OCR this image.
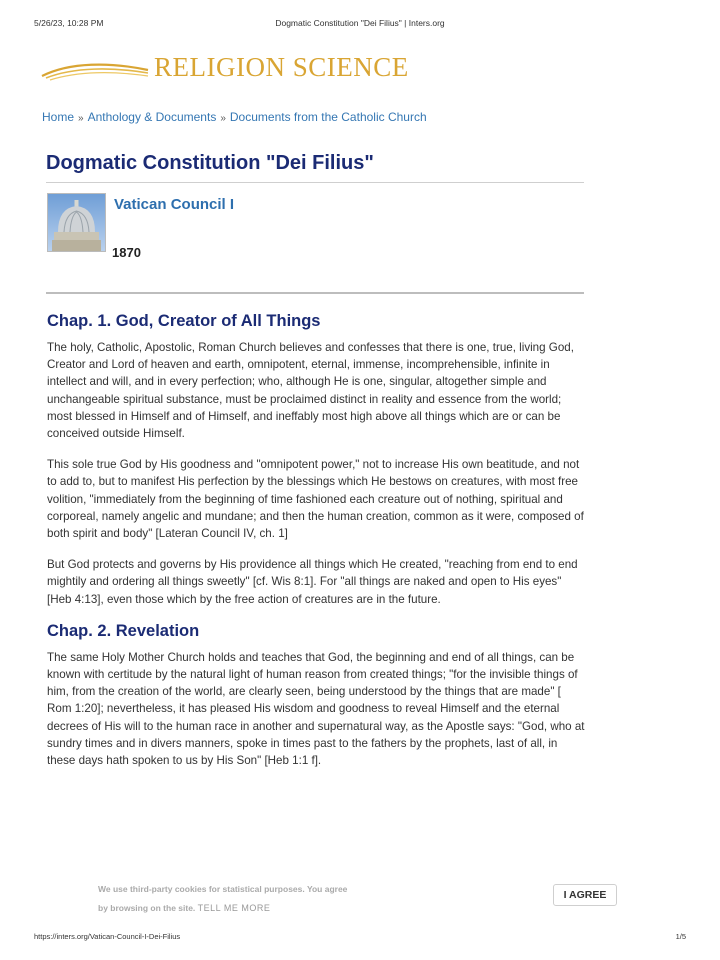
5/26/23, 10:28 PM	Dogmatic Constitution "Dei Filius" | Inters.org
RELIGION SCIENCE
Home » Anthology & Documents » Documents from the Catholic Church
Dogmatic Constitution "Dei Filius"
Vatican Council I
1870
Chap. 1. God, Creator of All Things

The holy, Catholic, Apostolic, Roman Church believes and confesses that there is one, true, living God, Creator and Lord of heaven and earth, omnipotent, eternal, immense, incomprehensible, infinite in intellect and will, and in every perfection; who, although He is one, singular, altogether simple and unchangeable spiritual substance, must be proclaimed distinct in reality and essence from the world; most blessed in Himself and of Himself, and ineffably most high above all things which are or can be conceived outside Himself.

This sole true God by His goodness and "omnipotent power," not to increase His own beatitude, and not to add to, but to manifest His perfection by the blessings which He bestows on creatures, with most free volition, "immediately from the beginning of time fashioned each creature out of nothing, spiritual and corporeal, namely angelic and mundane; and then the human creation, common as it were, composed of both spirit and body" [Lateran Council IV, ch. 1]

But God protects and governs by His providence all things which He created, "reaching from end to end mightily and ordering all things sweetly" [cf. Wis 8:1]. For "all things are naked and open to His eyes" [Heb 4:13], even those which by the free action of creatures are in the future.

Chap. 2. Revelation

The same Holy Mother Church holds and teaches that God, the beginning and end of all things, can be known with certitude by the natural light of human reason from created things; "for the invisible things of him, from the creation of the world, are clearly seen, being understood by the things that are made" [ Rom 1:20]; nevertheless, it has pleased His wisdom and goodness to reveal Himself and the eternal decrees of His will to the human race in another and supernatural way, as the Apostle says: "God, who at sundry times and in divers manners, spoke in times past to the fathers by the prophets, last of all, in these days hath spoken to us by His Son" [Heb 1:1 f].

We use third-party cookies for statistical purposes. You agree
by browsing on the site. TELL ME MORE
I AGREE
https://inters.org/Vatican-Council-I-Dei-Filius	1/5
